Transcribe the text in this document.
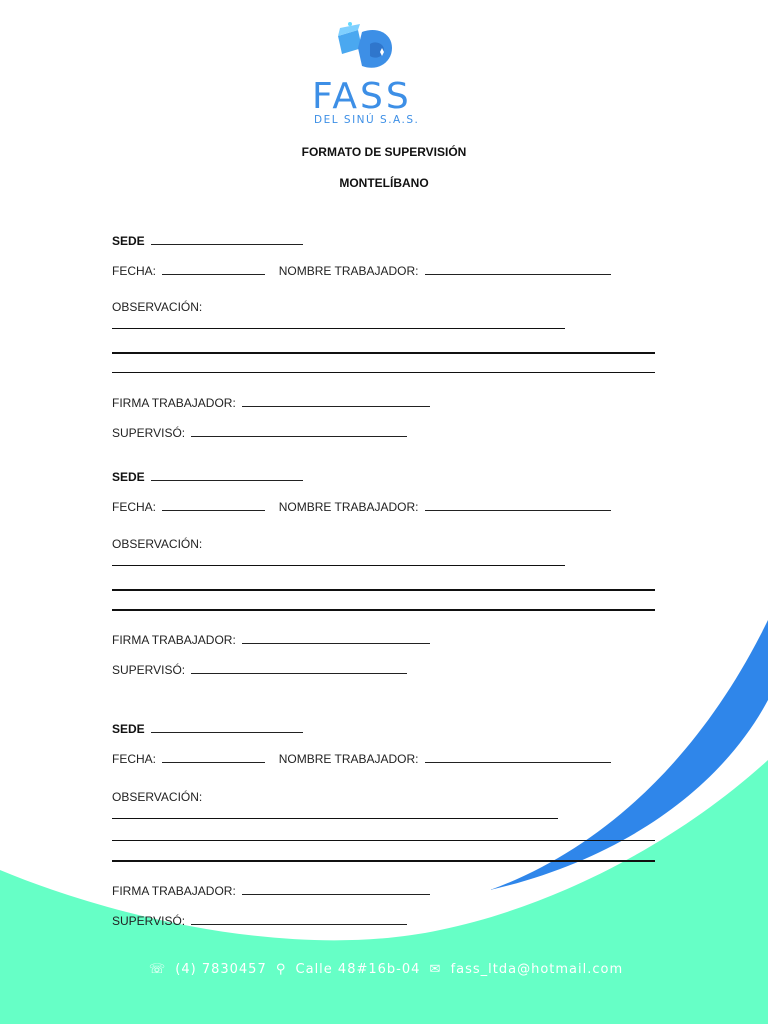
FASS
DEL SINÚ S.A.S.
FORMATO DE SUPERVISIÓN
MONTELÍBANO
SEDE
FECHA:	NOMBRE TRABAJADOR:
OBSERVACIÓN:
FIRMA TRABAJADOR:
SUPERVISÓ:
SEDE
FECHA:	NOMBRE TRABAJADOR:
OBSERVACIÓN:
FIRMA TRABAJADOR:
SUPERVISÓ:
SEDE
FECHA:	NOMBRE TRABAJADOR:
OBSERVACIÓN:
FIRMA TRABAJADOR:
SUPERVISÓ:
☏ (4) 7830457 ⚲ Calle 48#16b-04 ✉ fass_ltda@hotmail.com
